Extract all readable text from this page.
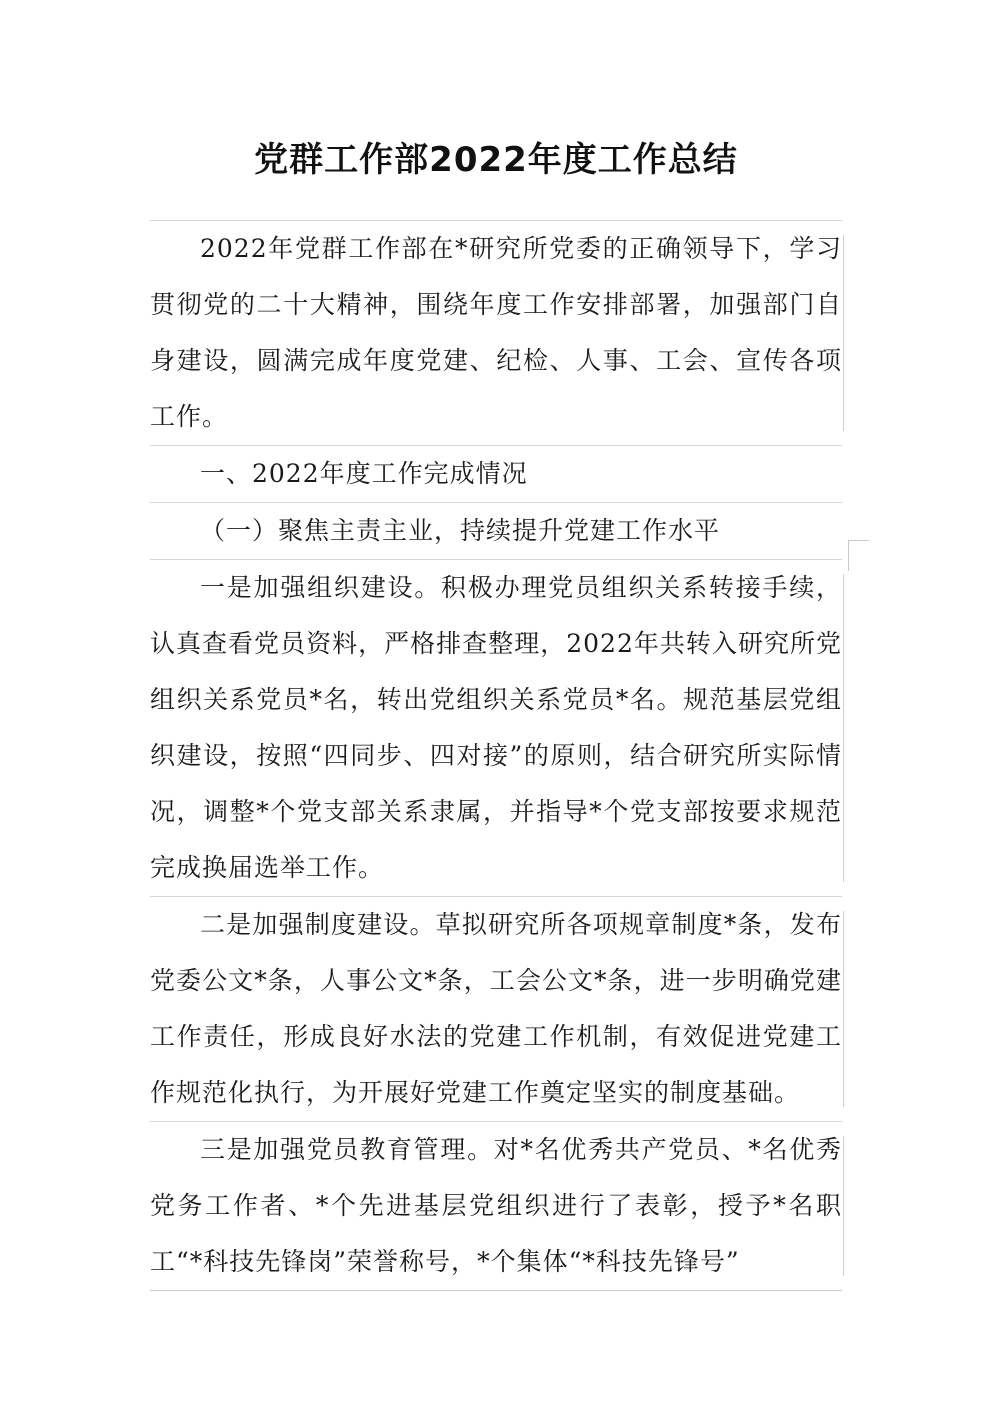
党群工作部2022年度工作总结

2022年党群工作部在*研究所党委的正确领导下，学习贯彻党的二十大精神，围绕年度工作安排部署，加强部门自身建设，圆满完成年度党建、纪检、人事、工会、宣传各项工作。

一、2022年度工作完成情况

（一）聚焦主责主业，持续提升党建工作水平

一是加强组织建设。积极办理党员组织关系转接手续，认真查看党员资料，严格排查整理，2022年共转入研究所党组织关系党员*名，转出党组织关系党员*名。规范基层党组织建设，按照“四同步、四对接”的原则，结合研究所实际情况，调整*个党支部关系隶属，并指导*个党支部按要求规范完成换届选举工作。

二是加强制度建设。草拟研究所各项规章制度*条，发布党委公文*条，人事公文*条，工会公文*条，进一步明确党建工作责任，形成良好水法的党建工作机制，有效促进党建工作规范化执行，为开展好党建工作奠定坚实的制度基础。

三是加强党员教育管理。对*名优秀共产党员、*名优秀党务工作者、*个先进基层党组织进行了表彰，授予*名职工“*科技先锋岗”荣誉称号，*个集体“*科技先锋号”
